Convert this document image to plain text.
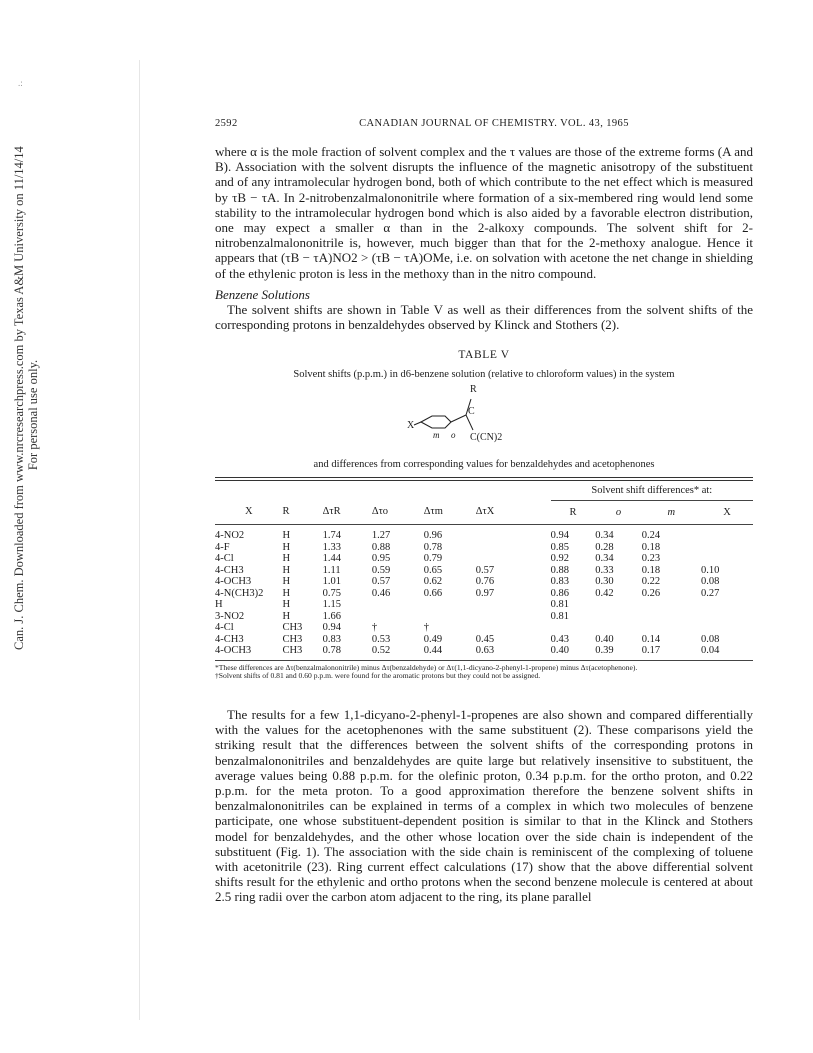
.:
Can. J. Chem. Downloaded from www.nrcresearchpress.com by Texas A&M University on 11/14/14 For personal use only.
2592	CANADIAN JOURNAL OF CHEMISTRY. VOL. 43, 1965

where α is the mole fraction of solvent complex and the τ values are those of the extreme forms (A and B). Association with the solvent disrupts the influence of the magnetic anisotropy of the substituent and of any intramolecular hydrogen bond, both of which contribute to the net effect which is measured by τB − τA. In 2-nitrobenzalmalononitrile where formation of a six-membered ring would lend some stability to the intramolecular hydrogen bond which is also aided by a favorable electron distribution, one may expect a smaller α than in the 2-alkoxy compounds. The solvent shift for 2-nitrobenzalmalononitrile is, however, much bigger than that for the 2-methoxy analogue. Hence it appears that (τB − τA)NO2 > (τB − τA)OMe, i.e. on solvation with acetone the net change in shielding of the ethylenic proton is less in the methoxy than in the nitro compound.

Benzene Solutions

The solvent shifts are shown in Table V as well as their differences from the solvent shifts of the corresponding protons in benzaldehydes observed by Klinck and Stothers (2).

TABLE V
Solvent shifts (p.p.m.) in d6-benzene solution (relative to chloroform values) in the system
R
C
X
m o C(CN)2
and differences from corresponding values for benzaldehydes and acetophenones
						Solvent shift differences* at:			
X	R	ΔτR	Δτo	Δτm	ΔτX	R	o	m	X
4-NO2	H	1.74	1.27	0.96		0.94	0.34	0.24	
4-F	H	1.33	0.88	0.78		0.85	0.28	0.18	
4-Cl	H	1.44	0.95	0.79		0.92	0.34	0.23	
4-CH3	H	1.11	0.59	0.65	0.57	0.88	0.33	0.18	0.10
4-OCH3	H	1.01	0.57	0.62	0.76	0.83	0.30	0.22	0.08
4-N(CH3)2	H	0.75	0.46	0.66	0.97	0.86	0.42	0.26	0.27
H	H	1.15				0.81			
3-NO2	H	1.66				0.81			
4-Cl	CH3	0.94	†	†					
4-CH3	CH3	0.83	0.53	0.49	0.45	0.43	0.40	0.14	0.08
4-OCH3	CH3	0.78	0.52	0.44	0.63	0.40	0.39	0.17	0.04
*These differences are Δτ(benzalmalononitrile) minus Δτ(benzaldehyde) or Δτ(1,1-dicyano-2-phenyl-1-propene) minus Δτ(acetophenone).
†Solvent shifts of 0.81 and 0.60 p.p.m. were found for the aromatic protons but they could not be assigned.

The results for a few 1,1-dicyano-2-phenyl-1-propenes are also shown and compared differentially with the values for the acetophenones with the same substituent (2). These comparisons yield the striking result that the differences between the solvent shifts of the corresponding protons in benzalmalononitriles and benzaldehydes are quite large but relatively insensitive to substituent, the average values being 0.88 p.p.m. for the olefinic proton, 0.34 p.p.m. for the ortho proton, and 0.22 p.p.m. for the meta proton. To a good approximation therefore the benzene solvent shifts in benzalmalononitriles can be explained in terms of a complex in which two molecules of benzene participate, one whose substituent-dependent position is similar to that in the Klinck and Stothers model for benzaldehydes, and the other whose location over the side chain is independent of the substituent (Fig. 1). The association with the side chain is reminiscent of the complexing of toluene with acetonitrile (23). Ring current effect calculations (17) show that the above differential solvent shifts result for the ethylenic and ortho protons when the second benzene molecule is centered at about 2.5 ring radii over the carbon atom adjacent to the ring, its plane parallel
